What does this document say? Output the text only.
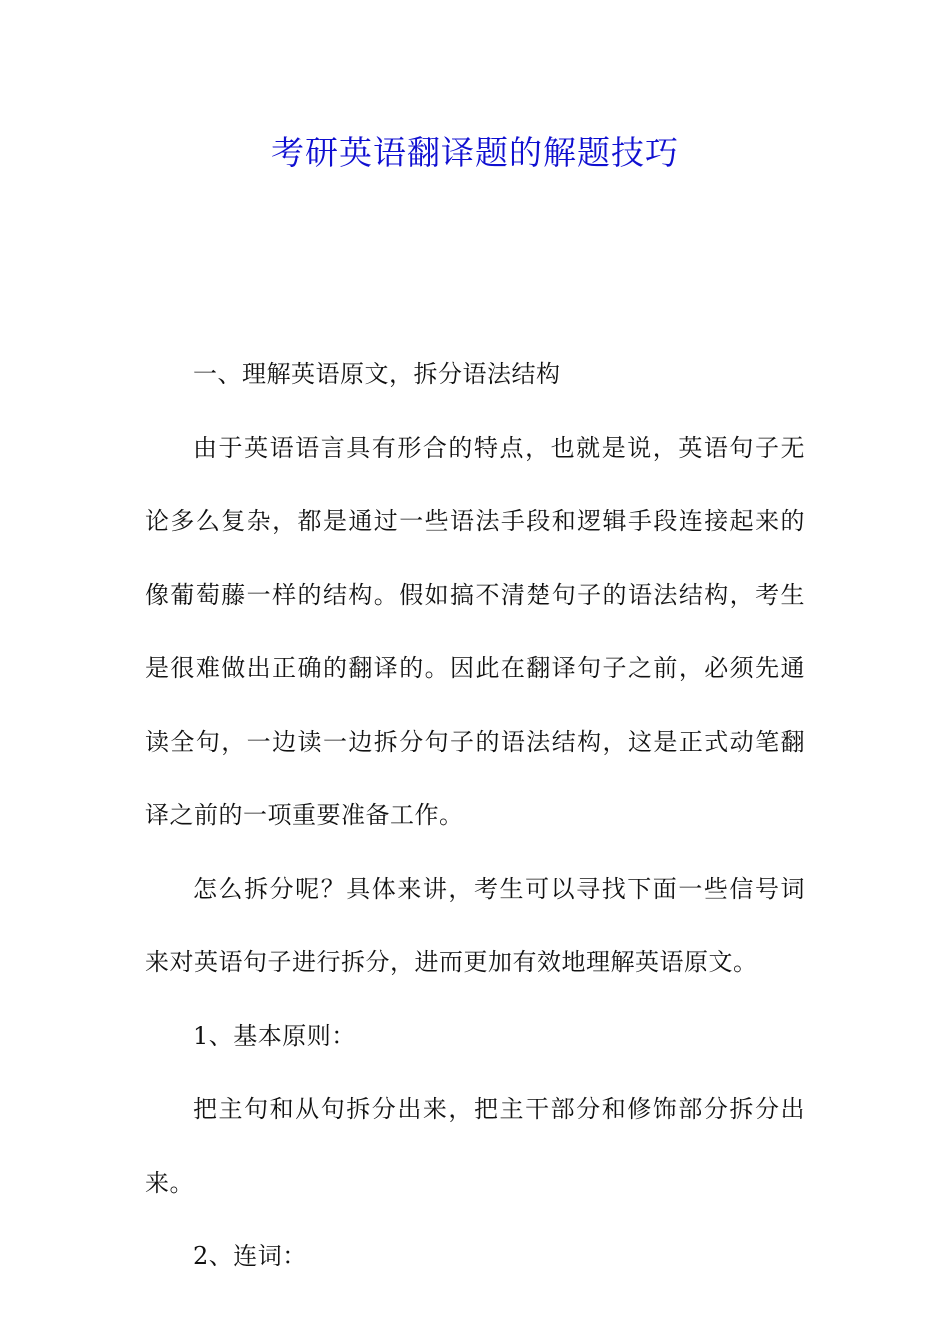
考研英语翻译题的解题技巧

一、理解英语原文，拆分语法结构

由于英语语言具有形合的特点，也就是说，英语句子无论多么复杂，都是通过一些语法手段和逻辑手段连接起来的像葡萄藤一样的结构。假如搞不清楚句子的语法结构，考生是很难做出正确的翻译的。因此在翻译句子之前，必须先通读全句，一边读一边拆分句子的语法结构，这是正式动笔翻译之前的一项重要准备工作。

怎么拆分呢？具体来讲，考生可以寻找下面一些信号词来对英语句子进行拆分，进而更加有效地理解英语原文。

1、基本原则：

把主句和从句拆分出来，把主干部分和修饰部分拆分出来。

2、连词：
